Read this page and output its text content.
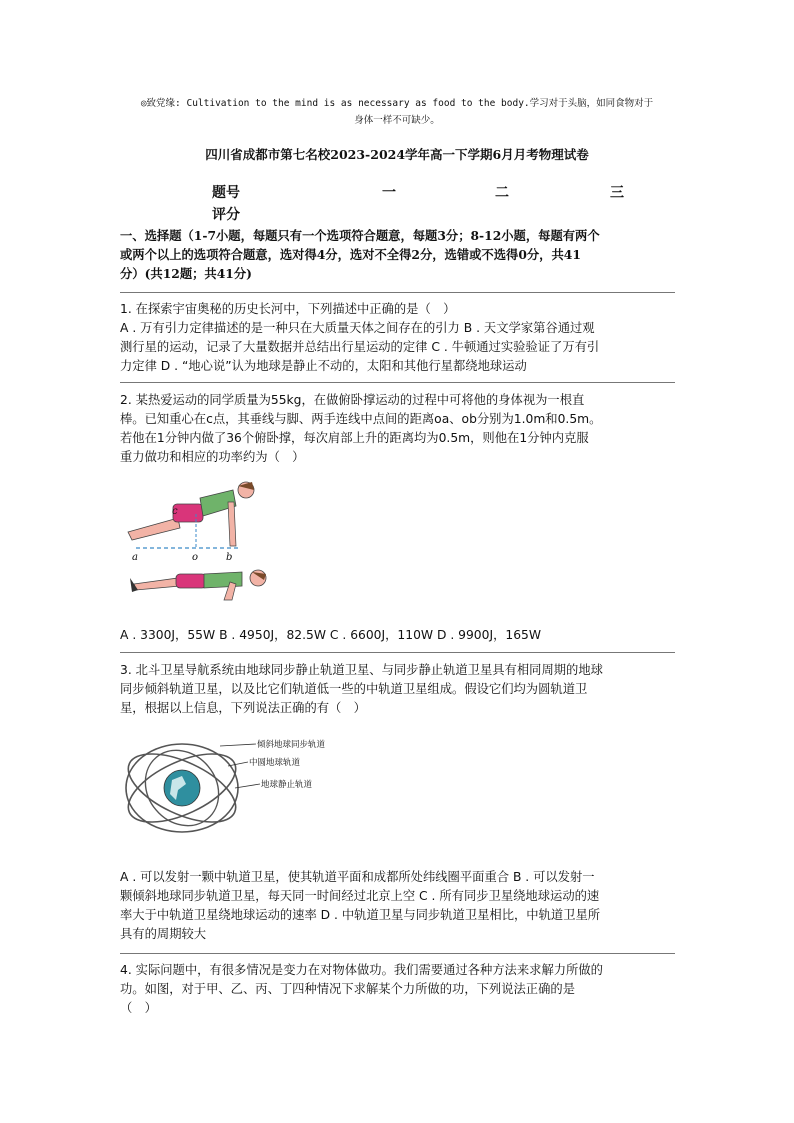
◎致党缘: Cultivation to the mind is as necessary as food to the body.学习对于头脑，如同食物对于
身体一样不可缺少。
四川省成都市第七名校2023-2024学年高一下学期6月月考物理试卷
题号	一	二	三
评分
一、选择题（1-7小题，每题只有一个选项符合题意，每题3分；8-12小题，每题有两个
或两个以上的选项符合题意，选对得4分，选对不全得2分，选错或不选得0分，共41
分）(共12题；共41分)
1. 在探索宇宙奥秘的历史长河中，下列描述中正确的是（　）
A . 万有引力定律描述的是一种只在大质量天体之间存在的引力 B . 天文学家第谷通过观
测行星的运动，记录了大量数据并总结出行星运动的定律 C . 牛顿通过实验验证了万有引
力定律 D . “地心说”认为地球是静止不动的，太阳和其他行星都绕地球运动
2. 某热爱运动的同学质量为55kg，在做俯卧撑运动的过程中可将他的身体视为一根直
棒。已知重心在c点，其垂线与脚、两手连线中点间的距离oa、ob分别为1.0m和0.5m。
若他在1分钟内做了36个俯卧撑，每次肩部上升的距离均为0.5m，则他在1分钟内克服
重力做功和相应的功率约为（　）
c
a	o	b
A . 3300J，55W B . 4950J，82.5W C . 6600J，110W D . 9900J，165W
3. 北斗卫星导航系统由地球同步静止轨道卫星、与同步静止轨道卫星具有相同周期的地球
同步倾斜轨道卫星，以及比它们轨道低一些的中轨道卫星组成。假设它们均为圆轨道卫
星，根据以上信息，下列说法正确的有（　）
倾斜地球同步轨道
中圆地球轨道
地球静止轨道
A . 可以发射一颗中轨道卫星，使其轨道平面和成都所处纬线圈平面重合 B . 可以发射一
颗倾斜地球同步轨道卫星，每天同一时间经过北京上空 C . 所有同步卫星绕地球运动的速
率大于中轨道卫星绕地球运动的速率 D . 中轨道卫星与同步轨道卫星相比，中轨道卫星所
具有的周期较大
4. 实际问题中，有很多情况是变力在对物体做功。我们需要通过各种方法来求解力所做的
功。如图，对于甲、乙、丙、丁四种情况下求解某个力所做的功，下列说法正确的是
（　）
